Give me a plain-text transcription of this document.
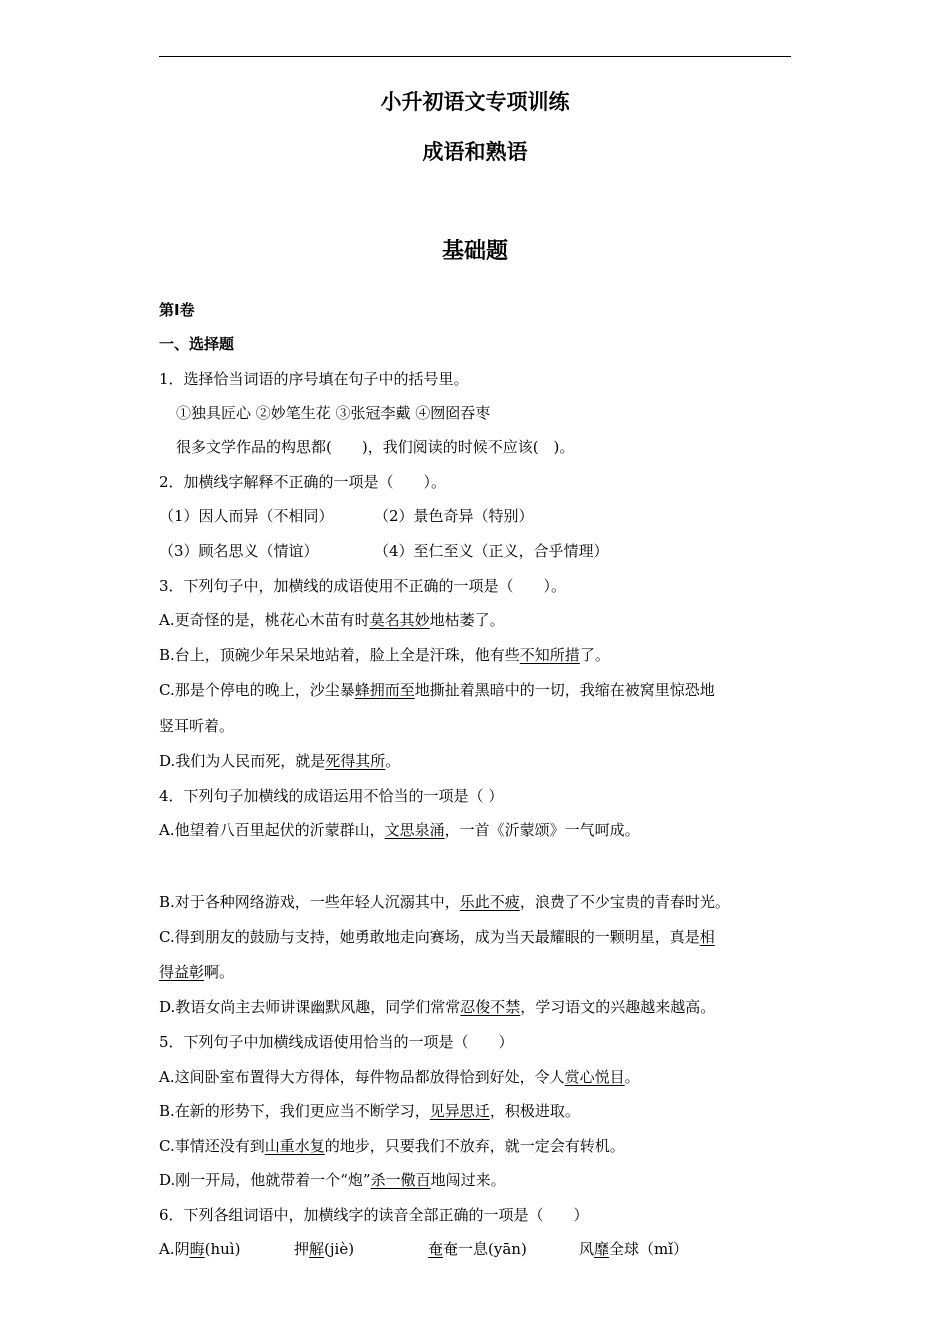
小升初语文专项训练
成语和熟语
基础题
第Ⅰ卷
一、选择题
1．选择恰当词语的序号填在句子中的括号里。
①独具匠心 ②妙笔生花 ③张冠李戴 ④囫囵吞枣
很多文学作品的构思都(　　)，我们阅读的时候不应该(　)。
2．加横线字解释不正确的一项是（　　）。
（1）因人而异（不相同）	（2）景色奇异（特别）
（3）顾名思义（情谊）	（4）至仁至义（正义，合乎情理）
3．下列句子中，加横线的成语使用不正确的一项是（　　）。
A.更奇怪的是，桃花心木苗有时莫名其妙地枯萎了。
B.台上，顶碗少年呆呆地站着，脸上全是汗珠，他有些不知所措了。
C.那是个停电的晚上，沙尘暴蜂拥而至地撕扯着黑暗中的一切，我缩在被窝里惊恐地
竖耳听着。
D.我们为人民而死，就是死得其所。
4．下列句子加横线的成语运用不恰当的一项是（ ）
A.他望着八百里起伏的沂蒙群山，文思泉涌，一首《沂蒙颂》一气呵成。
B.对于各种网络游戏，一些年轻人沉溺其中，乐此不疲，浪费了不少宝贵的青春时光。
C.得到朋友的鼓励与支持，她勇敢地走向赛场，成为当天最耀眼的一颗明星，真是相
得益彰啊。
D.教语女尚主去师讲课幽默风趣，同学们常常忍俊不禁，学习语文的兴趣越来越高。
5．下列句子中加横线成语使用恰当的一项是（　　）
A.这间卧室布置得大方得体，每件物品都放得恰到好处，令人赏心悦目。
B.在新的形势下，我们更应当不断学习，见异思迁，积极进取。
C.事情还没有到山重水复的地步，只要我们不放弃，就一定会有转机。
D.刚一开局，他就带着一个“炮”杀一儆百地闯过来。
6．下列各组词语中，加横线字的读音全部正确的一项是（　　）
A.阴晦(huì)	押解(jiè)	奄奄一息(yān)	风靡全球（mǐ）
